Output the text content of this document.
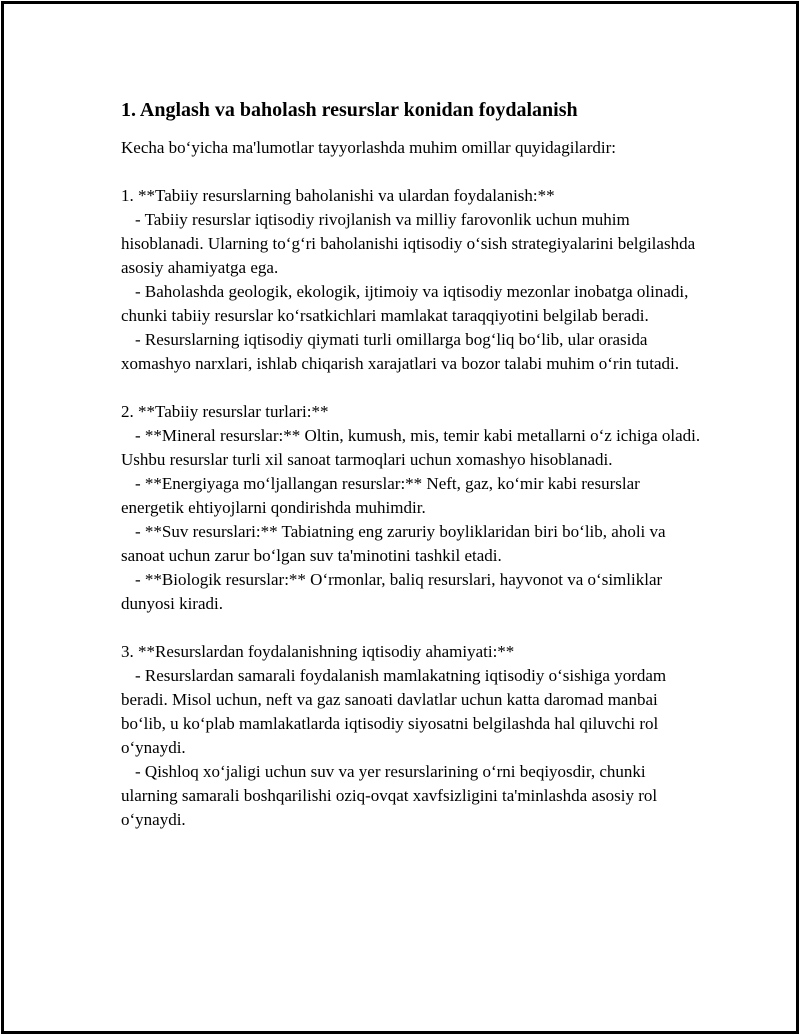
1. Anglash va baholash resurslar konidan foydalanish

Kecha bo‘yicha ma'lumotlar tayyorlashda muhim omillar quyidagilardir:

1. **Tabiiy resurslarning baholanishi va ulardan foydalanish:**

- Tabiiy resurslar iqtisodiy rivojlanish va milliy farovonlik uchun muhim hisoblanadi. Ularning to‘g‘ri baholanishi iqtisodiy o‘sish strategiyalarini belgilashda asosiy ahamiyatga ega.

- Baholashda geologik, ekologik, ijtimoiy va iqtisodiy mezonlar inobatga olinadi, chunki tabiiy resurslar ko‘rsatkichlari mamlakat taraqqiyotini belgilab beradi.

- Resurslarning iqtisodiy qiymati turli omillarga bog‘liq bo‘lib, ular orasida xomashyo narxlari, ishlab chiqarish xarajatlari va bozor talabi muhim o‘rin tutadi.

2. **Tabiiy resurslar turlari:**

- **Mineral resurslar:** Oltin, kumush, mis, temir kabi metallarni o‘z ichiga oladi. Ushbu resurslar turli xil sanoat tarmoqlari uchun xomashyo hisoblanadi.

- **Energiyaga mo‘ljallangan resurslar:** Neft, gaz, ko‘mir kabi resurslar energetik ehtiyojlarni qondirishda muhimdir.

- **Suv resurslari:** Tabiatning eng zaruriy boyliklaridan biri bo‘lib, aholi va sanoat uchun zarur bo‘lgan suv ta'minotini tashkil etadi.

- **Biologik resurslar:** O‘rmonlar, baliq resurslari, hayvonot va o‘simliklar dunyosi kiradi.

3. **Resurslardan foydalanishning iqtisodiy ahamiyati:**

- Resurslardan samarali foydalanish mamlakatning iqtisodiy o‘sishiga yordam beradi. Misol uchun, neft va gaz sanoati davlatlar uchun katta daromad manbai bo‘lib, u ko‘plab mamlakatlarda iqtisodiy siyosatni belgilashda hal qiluvchi rol o‘ynaydi.

- Qishloq xo‘jaligi uchun suv va yer resurslarining o‘rni beqiyosdir, chunki ularning samarali boshqarilishi oziq-ovqat xavfsizligini ta'minlashda asosiy rol o‘ynaydi.
